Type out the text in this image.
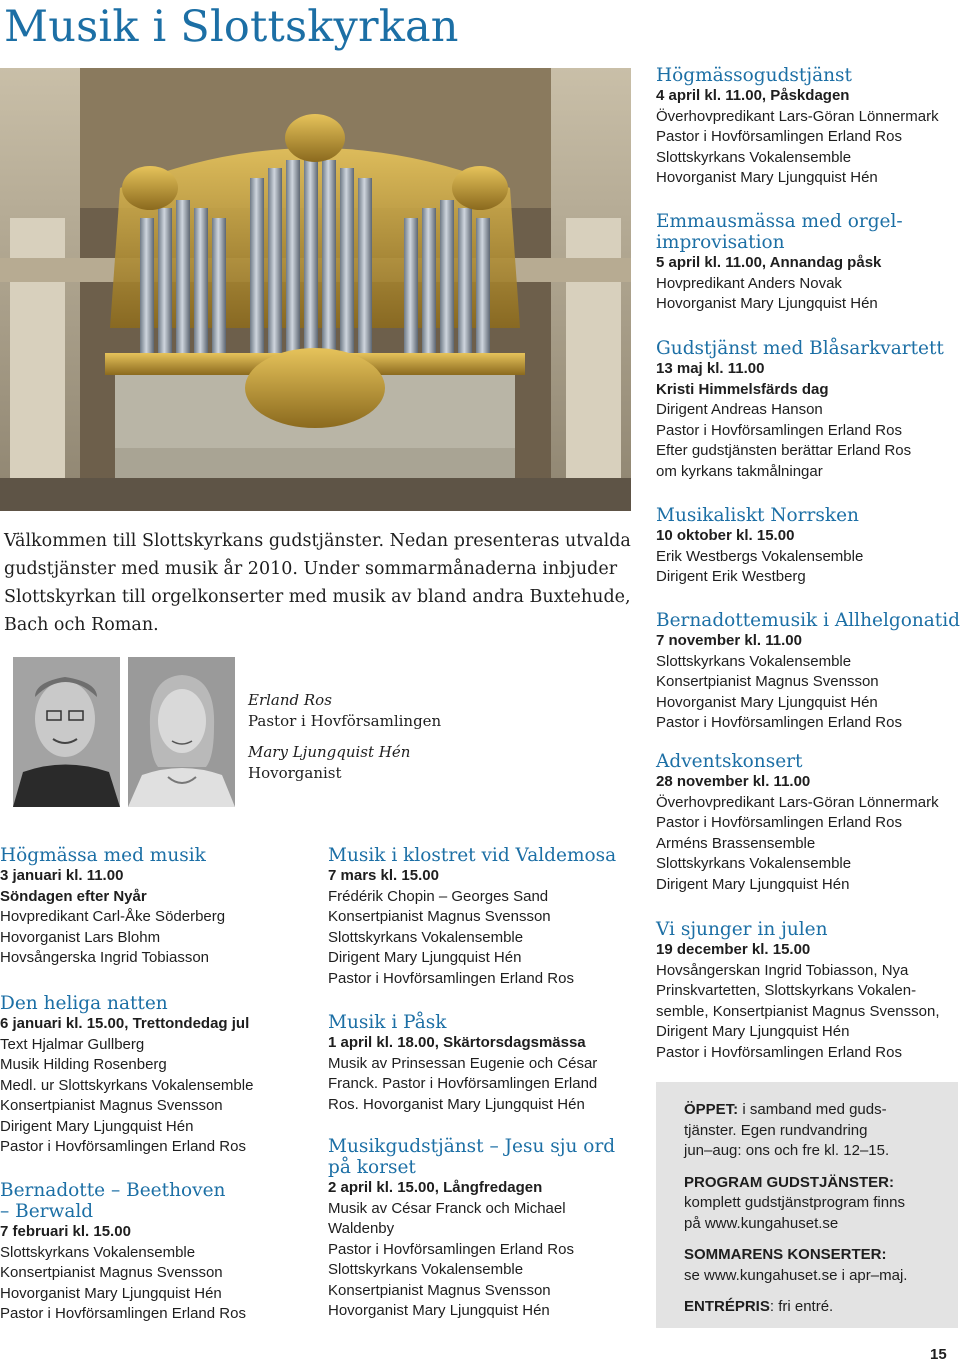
Musik i Slottskyrkan

Välkommen till Slottskyrkans gudstjänster. Nedan presenteras utvalda gudstjänster med musik år 2010. Under sommarmånaderna inbjuder Slottskyrkan till orgelkonserter med musik av bland andra Buxtehude, Bach och Roman.

Erland Ros
Pastor i Hovförsamlingen
Mary Ljungquist Hén
Hovorganist
Högmässa med musik
3 januari kl. 11.00
Söndagen efter Nyår
Hovpredikant Carl-Åke Söderberg
Hovorganist Lars Blohm
Hovsångerska Ingrid Tobiasson
Den heliga natten
6 januari kl. 15.00, Trettondedag jul
Text Hjalmar Gullberg
Musik Hilding Rosenberg
Medl. ur Slottskyrkans Vokalensemble
Konsertpianist Magnus Svensson
Dirigent Mary Ljungquist Hén
Pastor i Hovförsamlingen Erland Ros
Bernadotte – Beethoven
– Berwald
7 februari kl. 15.00
Slottskyrkans Vokalensemble
Konsertpianist Magnus Svensson
Hovorganist Mary Ljungquist Hén
Pastor i Hovförsamlingen Erland Ros
Musik i klostret vid Valdemosa
7 mars kl. 15.00
Frédérik Chopin – Georges Sand
Konsertpianist Magnus Svensson
Slottskyrkans Vokalensemble
Dirigent Mary Ljungquist Hén
Pastor i Hovförsamlingen Erland Ros
Musik i Påsk
1 april kl. 18.00, Skärtorsdagsmässa
Musik av Prinsessan Eugenie och César
Franck. Pastor i Hovförsamlingen Erland
Ros. Hovorganist Mary Ljungquist Hén
Musikgudstjänst – Jesu sju ord
på korset
2 april kl. 15.00, Långfredagen
Musik av César Franck och Michael
Waldenby
Pastor i Hovförsamlingen Erland Ros
Slottskyrkans Vokalensemble
Konsertpianist Magnus Svensson
Hovorganist Mary Ljungquist Hén
Högmässogudstjänst
4 april kl. 11.00, Påskdagen
Överhovpredikant Lars-Göran Lönnermark
Pastor i Hovförsamlingen Erland Ros
Slottskyrkans Vokalensemble
Hovorganist Mary Ljungquist Hén
Emmausmässa med orgel-
improvisation
5 april kl. 11.00, Annandag påsk
Hovpredikant Anders Novak
Hovorganist Mary Ljungquist Hén
Gudstjänst med Blåsarkvartett
13 maj kl. 11.00
Kristi Himmelsfärds dag
Dirigent Andreas Hanson
Pastor i Hovförsamlingen Erland Ros
Efter gudstjänsten berättar Erland Ros
om kyrkans takmålningar
Musikaliskt Norrsken
10 oktober kl. 15.00
Erik Westbergs Vokalensemble
Dirigent Erik Westberg
Bernadottemusik i Allhelgonatid
7 november kl. 11.00
Slottskyrkans Vokalensemble
Konsertpianist Magnus Svensson
Hovorganist Mary Ljungquist Hén
Pastor i Hovförsamlingen Erland Ros
Adventskonsert
28 november kl. 11.00
Överhovpredikant Lars-Göran Lönnermark
Pastor i Hovförsamlingen Erland Ros
Arméns Brassensemble
Slottskyrkans Vokalensemble
Dirigent Mary Ljungquist Hén
Vi sjunger in julen
19 december kl. 15.00
Hovsångerskan Ingrid Tobiasson, Nya
Prinskvartetten, Slottskyrkans Vokalen-
semble, Konsertpianist Magnus Svensson,
Dirigent Mary Ljungquist Hén
Pastor i Hovförsamlingen Erland Ros

ÖPPET: i samband med guds-
tjänster. Egen rundvandring
jun–aug: ons och fre kl. 12–15.

PROGRAM GUDSTJÄNSTER:
komplett gudstjänstprogram finns
på www.kungahuset.se

SOMMARENS KONSERTER:
se www.kungahuset.se i apr–maj.

ENTRÉPRIS: fri entré.

15
